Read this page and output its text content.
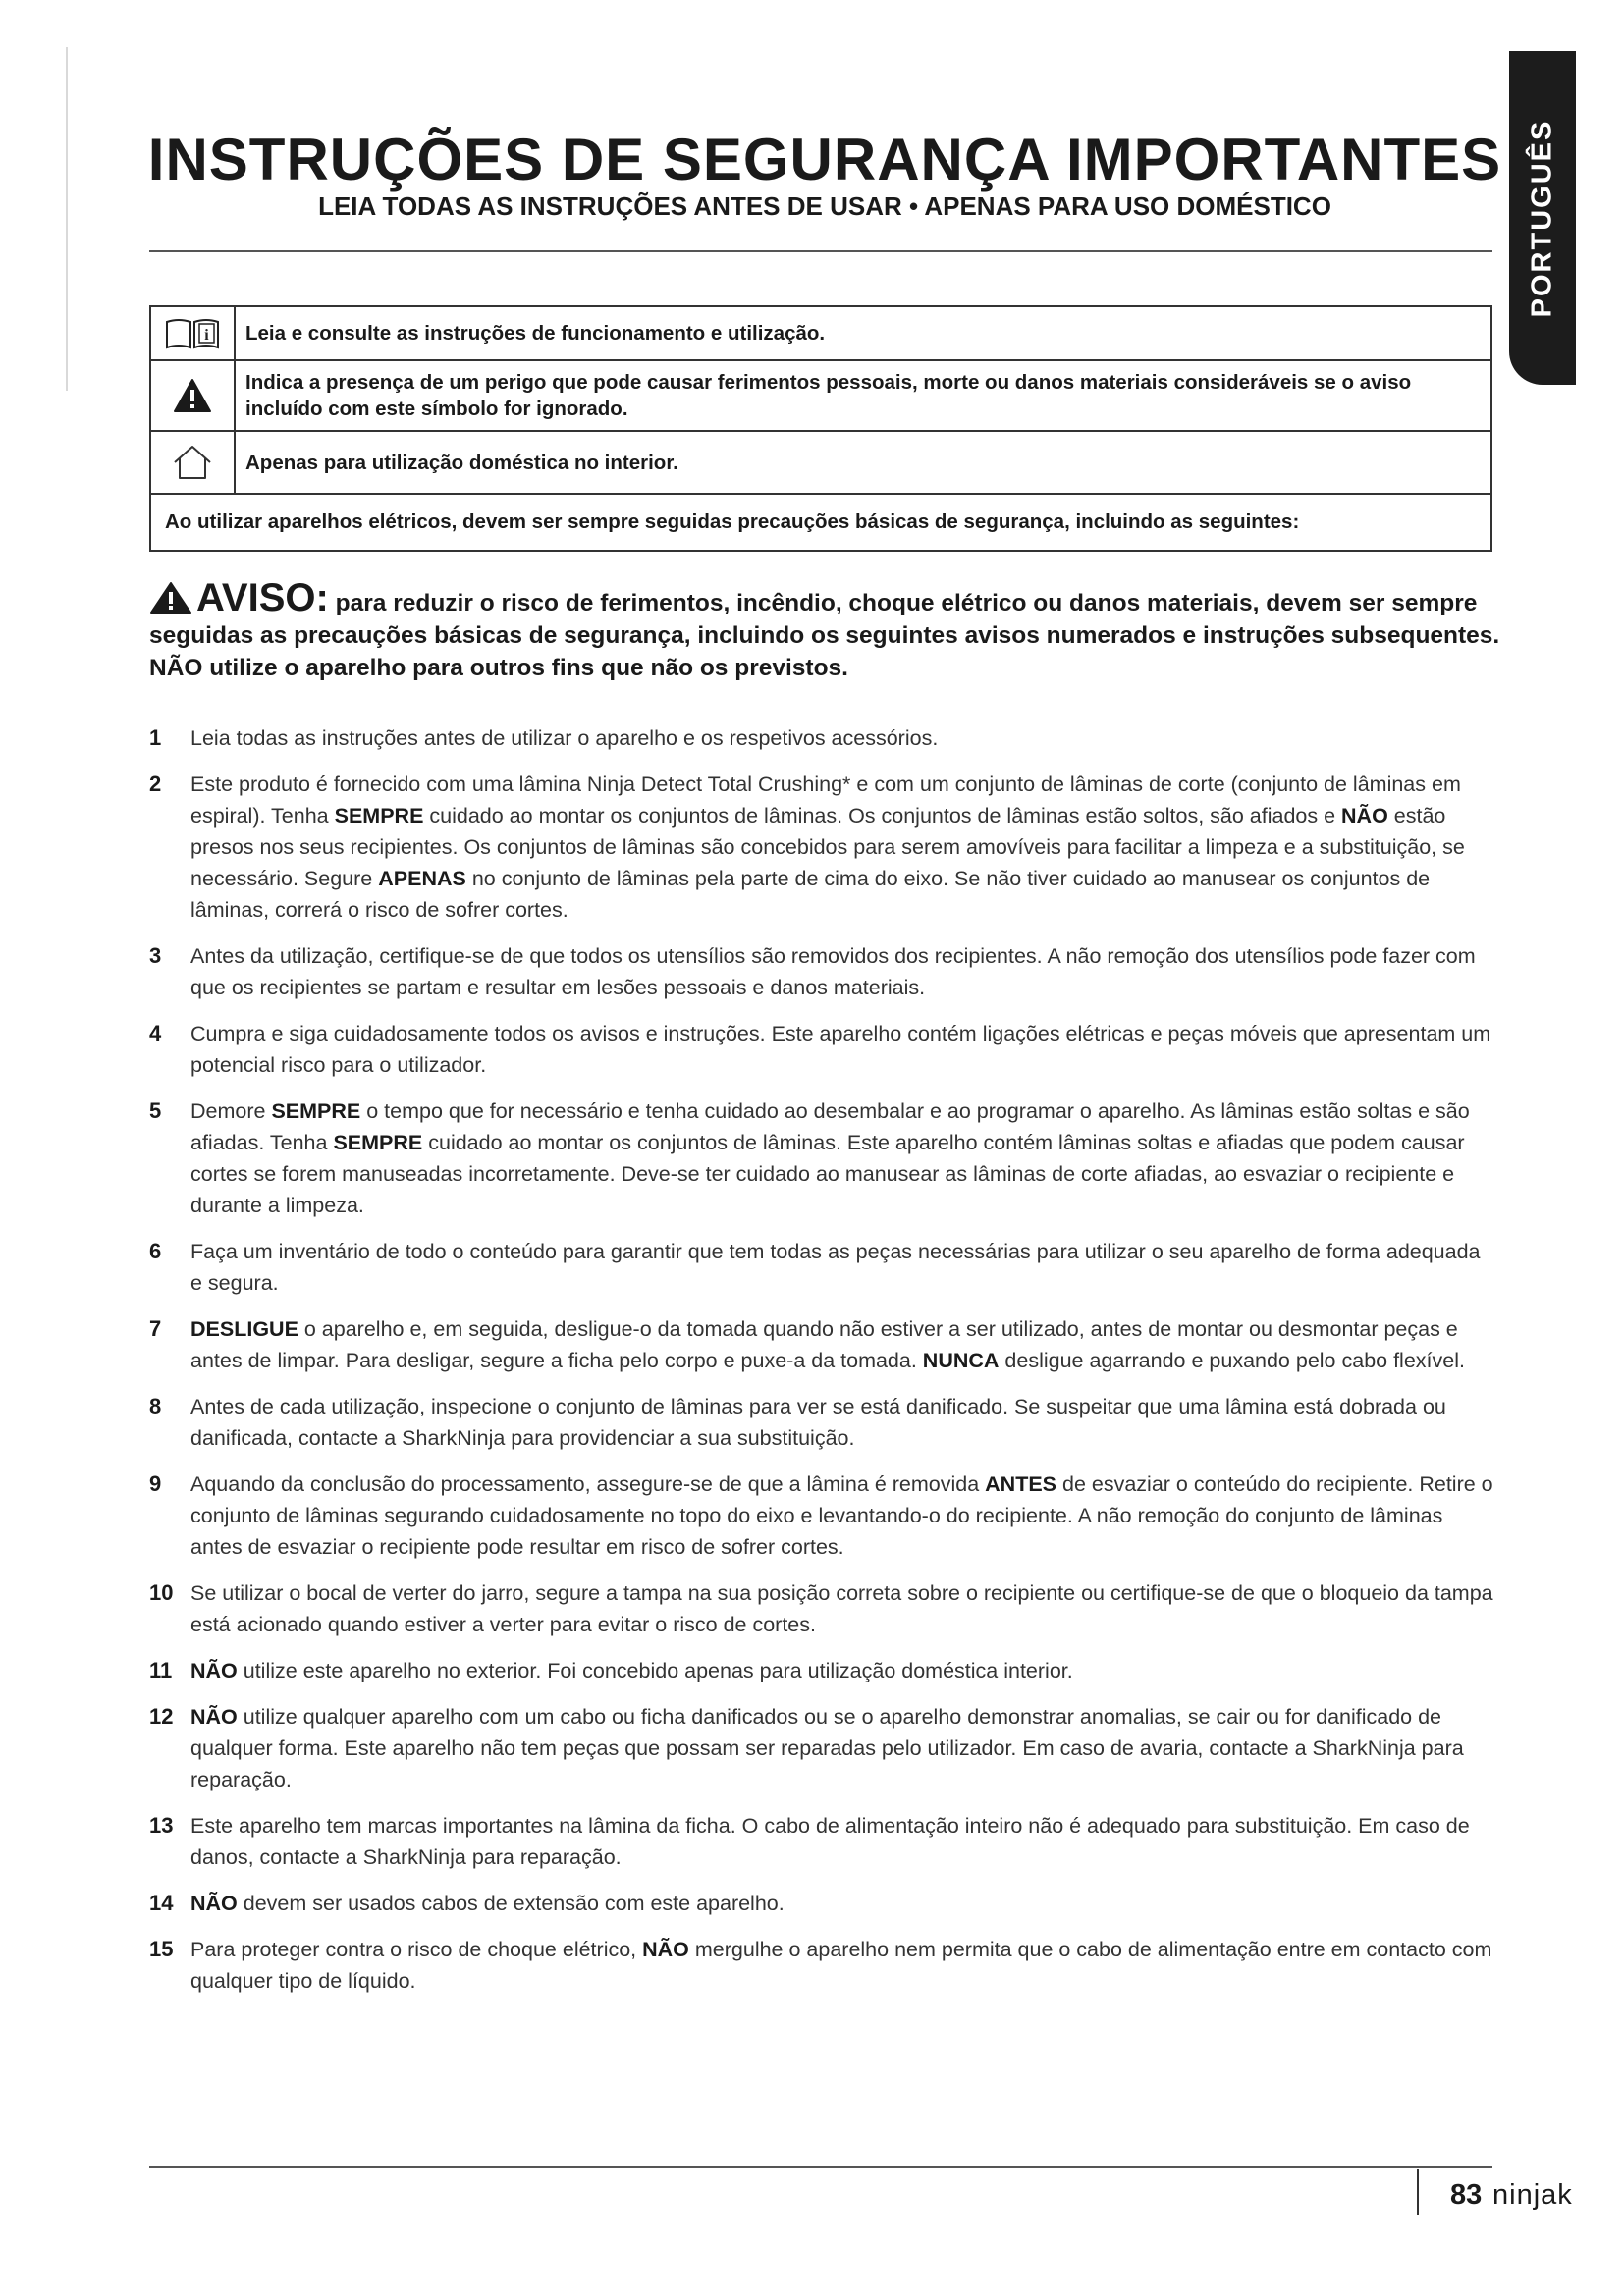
PORTUGUÊS
INSTRUÇÕES DE SEGURANÇA IMPORTANTES
LEIA TODAS AS INSTRUÇÕES ANTES DE USAR • APENAS PARA USO DOMÉSTICO
i	Leia e consulte as instruções de funcionamento e utilização.
Indica a presença de um perigo que pode causar ferimentos pessoais, morte ou danos materiais consideráveis se o aviso incluído com este símbolo for ignorado.
Apenas para utilização doméstica no interior.
Ao utilizar aparelhos elétricos, devem ser sempre seguidas precauções básicas de segurança, incluindo as seguintes:
AVISO: para reduzir o risco de ferimentos, incêndio, choque elétrico ou danos materiais, devem ser sempre seguidas as precauções básicas de segurança, incluindo os seguintes avisos numerados e instruções subsequentes. NÃO utilize o aparelho para outros fins que não os previstos.
1	Leia todas as instruções antes de utilizar o aparelho e os respetivos acessórios.
2	Este produto é fornecido com uma lâmina Ninja Detect Total Crushing* e com um conjunto de lâminas de corte (conjunto de lâminas em espiral). Tenha SEMPRE cuidado ao montar os conjuntos de lâminas. Os conjuntos de lâminas estão soltos, são afiados e NÃO estão presos nos seus recipientes. Os conjuntos de lâminas são concebidos para serem amovíveis para facilitar a limpeza e a substituição, se necessário. Segure APENAS no conjunto de lâminas pela parte de cima do eixo. Se não tiver cuidado ao manusear os conjuntos de lâminas, correrá o risco de sofrer cortes.
3	Antes da utilização, certifique-se de que todos os utensílios são removidos dos recipientes. A não remoção dos utensílios pode fazer com que os recipientes se partam e resultar em lesões pessoais e danos materiais.
4	Cumpra e siga cuidadosamente todos os avisos e instruções. Este aparelho contém ligações elétricas e peças móveis que apresentam um potencial risco para o utilizador.
5	Demore SEMPRE o tempo que for necessário e tenha cuidado ao desembalar e ao programar o aparelho. As lâminas estão soltas e são afiadas. Tenha SEMPRE cuidado ao montar os conjuntos de lâminas. Este aparelho contém lâminas soltas e afiadas que podem causar cortes se forem manuseadas incorretamente. Deve-se ter cuidado ao manusear as lâminas de corte afiadas, ao esvaziar o recipiente e durante a limpeza.
6	Faça um inventário de todo o conteúdo para garantir que tem todas as peças necessárias para utilizar o seu aparelho de forma adequada e segura.
7	DESLIGUE o aparelho e, em seguida, desligue-o da tomada quando não estiver a ser utilizado, antes de montar ou desmontar peças e antes de limpar. Para desligar, segure a ficha pelo corpo e puxe-a da tomada. NUNCA desligue agarrando e puxando pelo cabo flexível.
8	Antes de cada utilização, inspecione o conjunto de lâminas para ver se está danificado. Se suspeitar que uma lâmina está dobrada ou danificada, contacte a SharkNinja para providenciar a sua substituição.
9	Aquando da conclusão do processamento, assegure-se de que a lâmina é removida ANTES de esvaziar o conteúdo do recipiente. Retire o conjunto de lâminas segurando cuidadosamente no topo do eixo e levantando-o do recipiente. A não remoção do conjunto de lâminas antes de esvaziar o recipiente pode resultar em risco de sofrer cortes.
10 Se utilizar o bocal de verter do jarro, segure a tampa na sua posição correta sobre o recipiente ou certifique-se de que o bloqueio da tampa está acionado quando estiver a verter para evitar o risco de cortes.
11 NÃO utilize este aparelho no exterior. Foi concebido apenas para utilização doméstica interior.
12 NÃO utilize qualquer aparelho com um cabo ou ficha danificados ou se o aparelho demonstrar anomalias, se cair ou for danificado de qualquer forma. Este aparelho não tem peças que possam ser reparadas pelo utilizador. Em caso de avaria, contacte a SharkNinja para reparação.
13 Este aparelho tem marcas importantes na lâmina da ficha. O cabo de alimentação inteiro não é adequado para substituição. Em caso de danos, contacte a SharkNinja para reparação.
14 NÃO devem ser usados cabos de extensão com este aparelho.
15 Para proteger contra o risco de choque elétrico, NÃO mergulhe o aparelho nem permita que o cabo de alimentação entre em contacto com qualquer tipo de líquido.
83 ninjak
